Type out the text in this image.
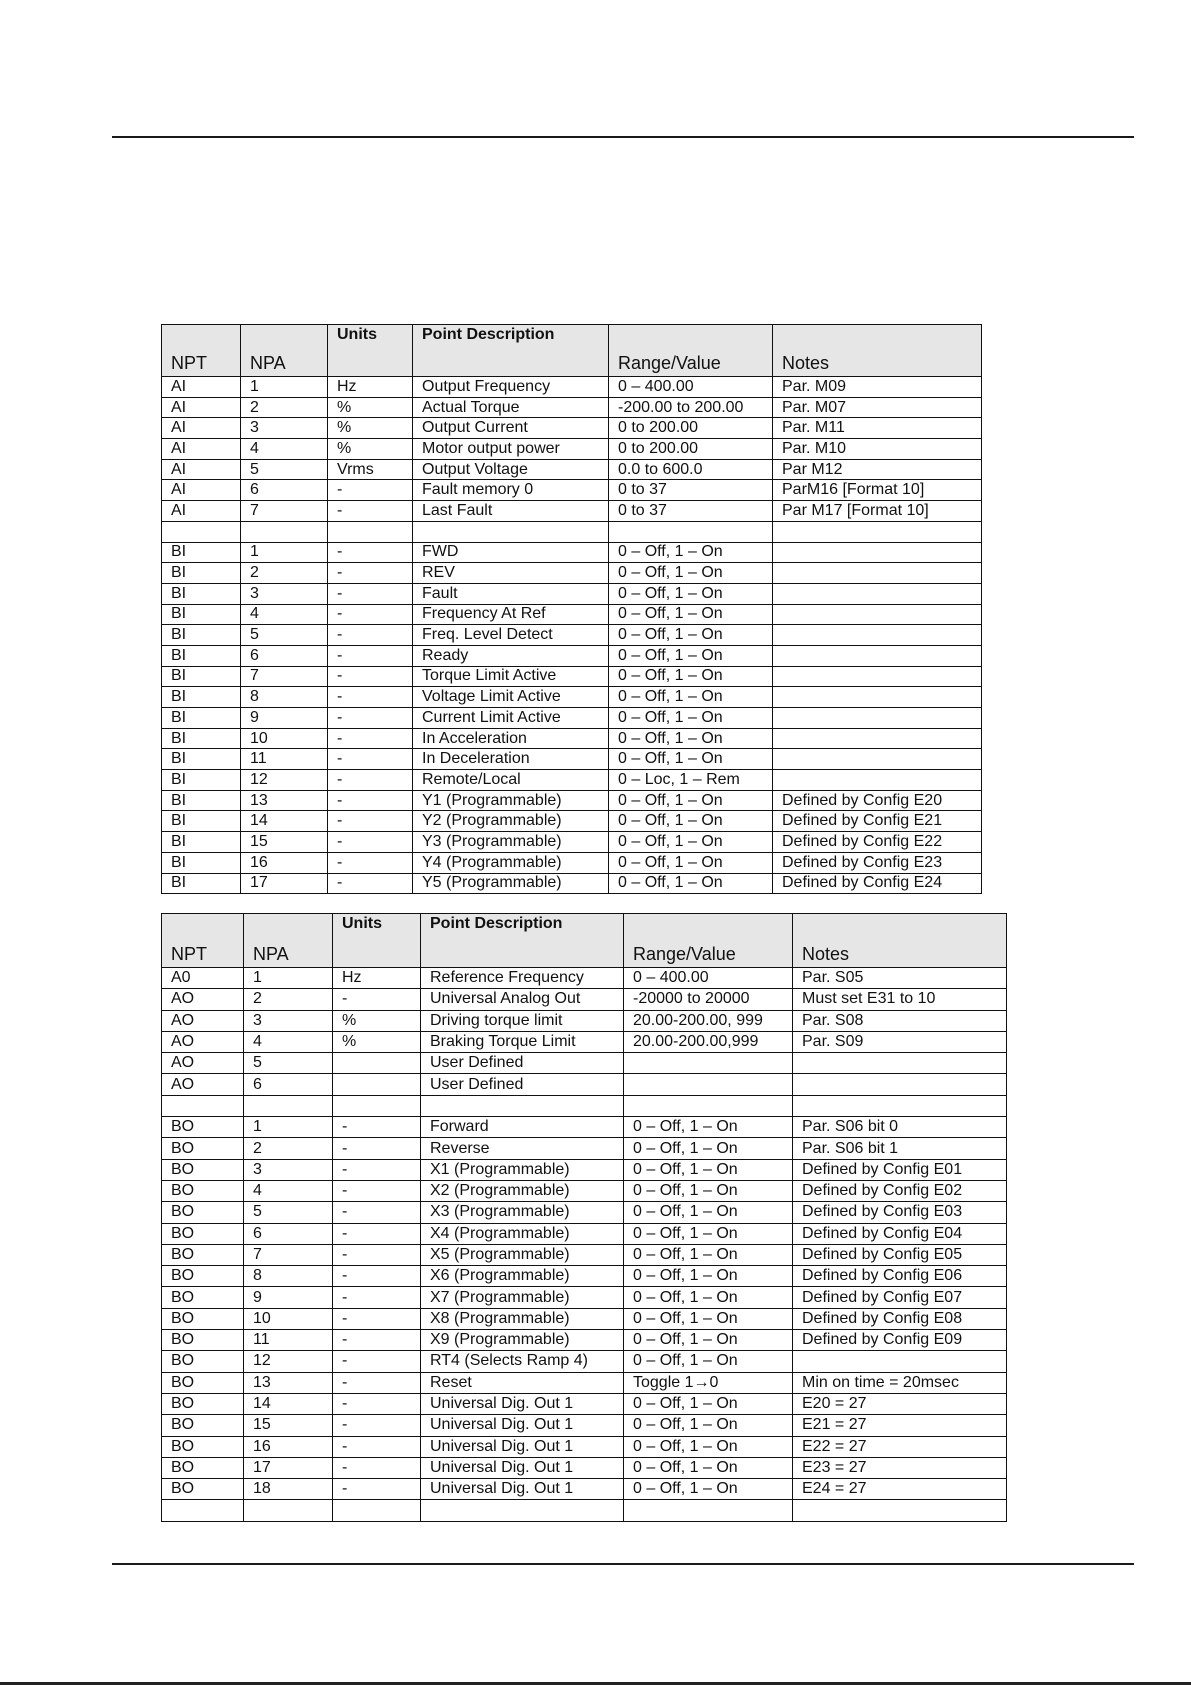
NPT	NPA	Units	Point Description	Range/Value	Notes
AI	1	Hz	Output Frequency	0 – 400.00	Par. M09
AI	2	%	Actual Torque	-200.00 to 200.00	Par. M07
AI	3	%	Output Current	0 to 200.00	Par. M11
AI	4	%	Motor output power	0 to 200.00	Par. M10
AI	5	Vrms	Output Voltage	0.0 to 600.0	Par M12
AI	6	-	Fault memory 0	0 to 37	ParM16 [Format 10]
AI	7	-	Last Fault	0 to 37	Par M17 [Format 10]

BI	1	-	FWD	0 – Off, 1 – On	
BI	2	-	REV	0 – Off, 1 – On	
BI	3	-	Fault	0 – Off, 1 – On	
BI	4	-	Frequency At Ref	0 – Off, 1 – On	
BI	5	-	Freq. Level Detect	0 – Off, 1 – On	
BI	6	-	Ready	0 – Off, 1 – On	
BI	7	-	Torque Limit Active	0 – Off, 1 – On	
BI	8	-	Voltage Limit Active	0 – Off, 1 – On	
BI	9	-	Current Limit Active	0 – Off, 1 – On	
BI	10	-	In Acceleration	0 – Off, 1 – On	
BI	11	-	In Deceleration	0 – Off, 1 – On	
BI	12	-	Remote/Local	0 – Loc, 1 – Rem	
BI	13	-	Y1 (Programmable)	0 – Off, 1 – On	Defined by Config E20
BI	14	-	Y2 (Programmable)	0 – Off, 1 – On	Defined by Config E21
BI	15	-	Y3 (Programmable)	0 – Off, 1 – On	Defined by Config E22
BI	16	-	Y4 (Programmable)	0 – Off, 1 – On	Defined by Config E23
BI	17	-	Y5 (Programmable)	0 – Off, 1 – On	Defined by Config E24
NPT	NPA	Units	Point Description	Range/Value	Notes
A0	1	Hz	Reference Frequency	0 – 400.00	Par. S05
AO	2	-	Universal Analog Out	-20000 to 20000	Must set E31 to 10
AO	3	%	Driving torque limit	20.00-200.00, 999	Par. S08
AO	4	%	Braking Torque Limit	20.00-200.00,999	Par. S09
AO	5		User Defined		
AO	6		User Defined		

BO	1	-	Forward	0 – Off, 1 – On	Par. S06 bit 0
BO	2	-	Reverse	0 – Off, 1 – On	Par. S06 bit 1
BO	3	-	X1 (Programmable)	0 – Off, 1 – On	Defined by Config E01
BO	4	-	X2 (Programmable)	0 – Off, 1 – On	Defined by Config E02
BO	5	-	X3 (Programmable)	0 – Off, 1 – On	Defined by Config E03
BO	6	-	X4 (Programmable)	0 – Off, 1 – On	Defined by Config E04
BO	7	-	X5 (Programmable)	0 – Off, 1 – On	Defined by Config E05
BO	8	-	X6 (Programmable)	0 – Off, 1 – On	Defined by Config E06
BO	9	-	X7 (Programmable)	0 – Off, 1 – On	Defined by Config E07
BO	10	-	X8 (Programmable)	0 – Off, 1 – On	Defined by Config E08
BO	11	-	X9 (Programmable)	0 – Off, 1 – On	Defined by Config E09
BO	12	-	RT4 (Selects Ramp 4)	0 – Off, 1 – On	
BO	13	-	Reset	Toggle 1→0	Min on time = 20msec
BO	14	-	Universal Dig. Out 1	0 – Off, 1 – On	E20 = 27
BO	15	-	Universal Dig. Out 1	0 – Off, 1 – On	E21 = 27
BO	16	-	Universal Dig. Out 1	0 – Off, 1 – On	E22 = 27
BO	17	-	Universal Dig. Out 1	0 – Off, 1 – On	E23 = 27
BO	18	-	Universal Dig. Out 1	0 – Off, 1 – On	E24 = 27
